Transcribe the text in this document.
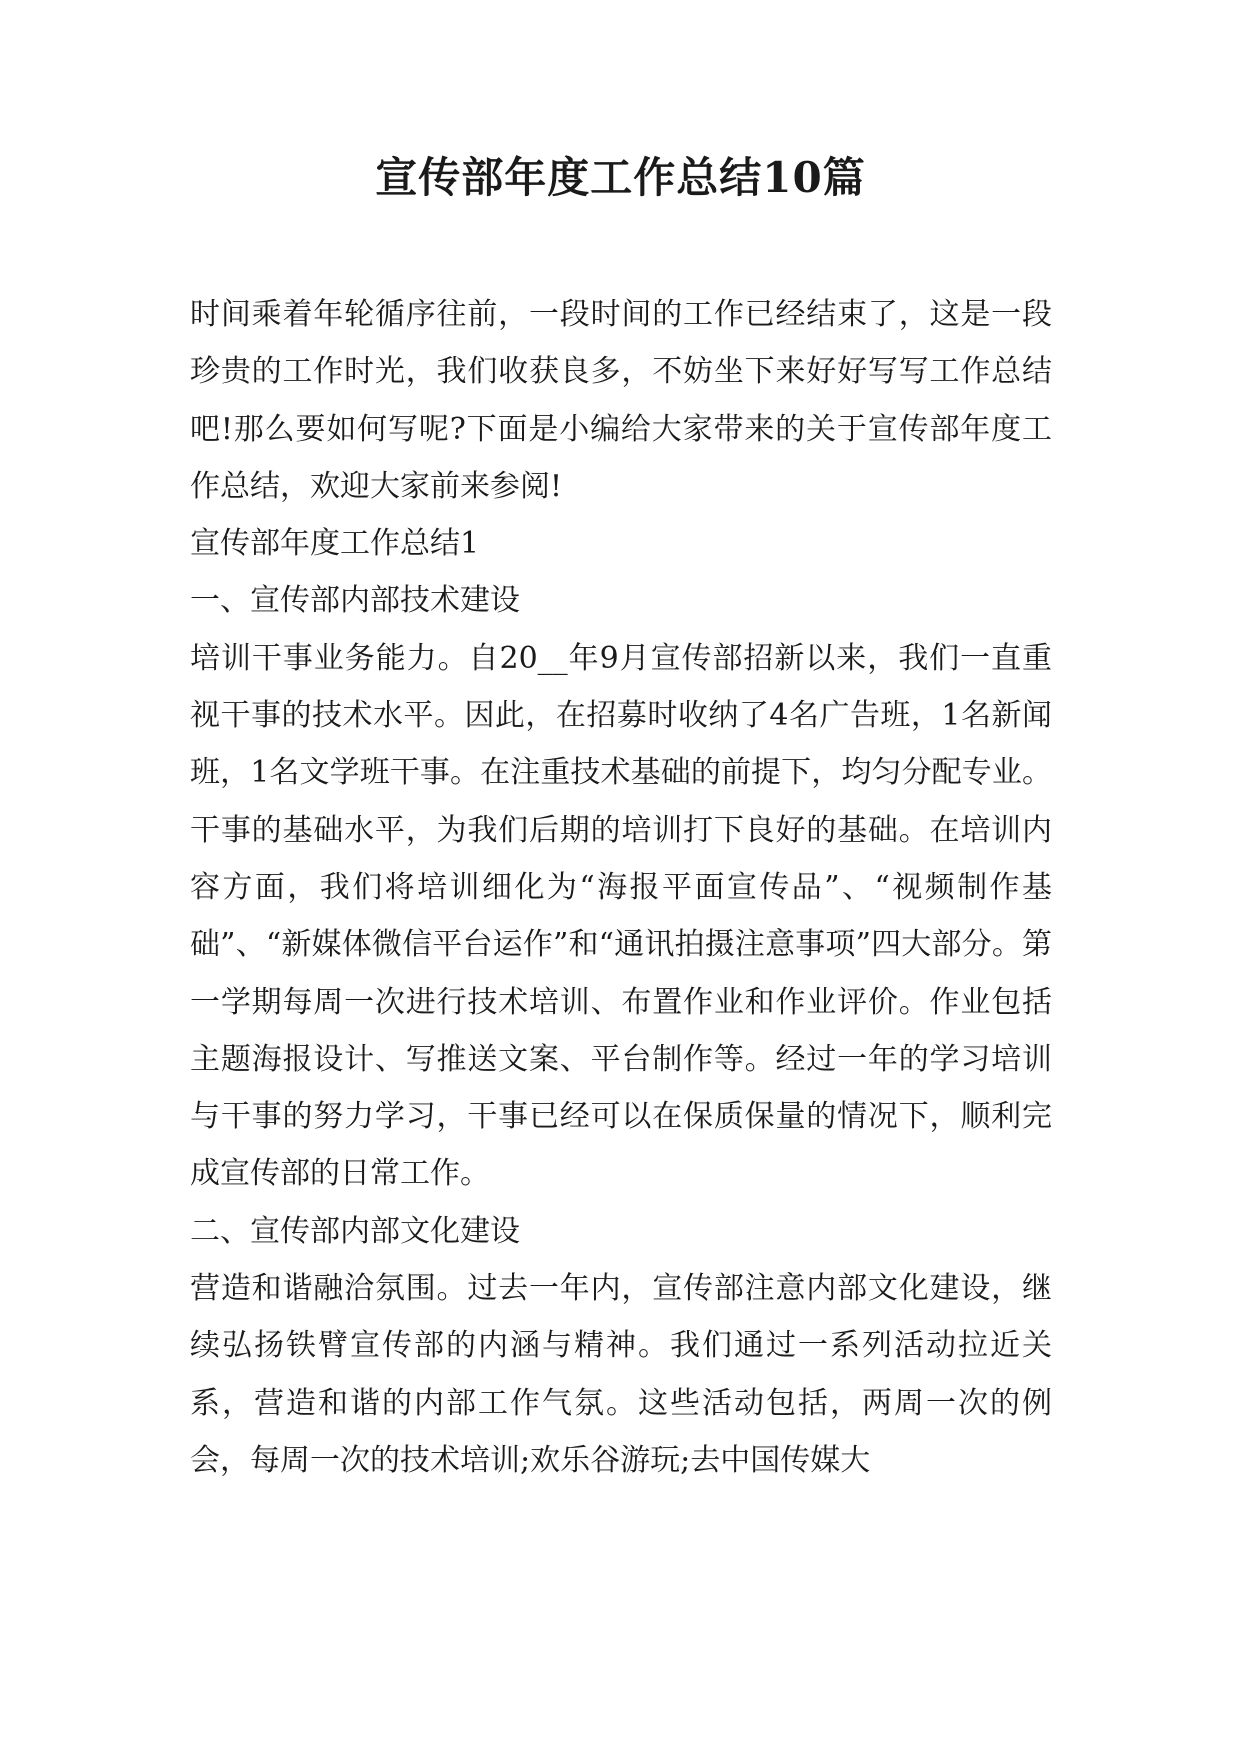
宣传部年度工作总结10篇

时间乘着年轮循序往前，一段时间的工作已经结束了，这是一段珍贵的工作时光，我们收获良多，不妨坐下来好好写写工作总结吧!那么要如何写呢?下面是小编给大家带来的关于宣传部年度工作总结，欢迎大家前来参阅!

宣传部年度工作总结1

一、宣传部内部技术建设

培训干事业务能力。自20__年9月宣传部招新以来，我们一直重视干事的技术水平。因此，在招募时收纳了4名广告班，1名新闻班，1名文学班干事。在注重技术基础的前提下，均匀分配专业。干事的基础水平，为我们后期的培训打下良好的基础。在培训内容方面，我们将培训细化为“海报平面宣传品”、“视频制作基础”、“新媒体微信平台运作”和“通讯拍摄注意事项”四大部分。第一学期每周一次进行技术培训、布置作业和作业评价。作业包括主题海报设计、写推送文案、平台制作等。经过一年的学习培训与干事的努力学习，干事已经可以在保质保量的情况下，顺利完成宣传部的日常工作。

二、宣传部内部文化建设

营造和谐融洽氛围。过去一年内，宣传部注意内部文化建设，继续弘扬铁臂宣传部的内涵与精神。我们通过一系列活动拉近关系，营造和谐的内部工作气氛。这些活动包括，两周一次的例会，每周一次的技术培训;欢乐谷游玩;去中国传媒大
